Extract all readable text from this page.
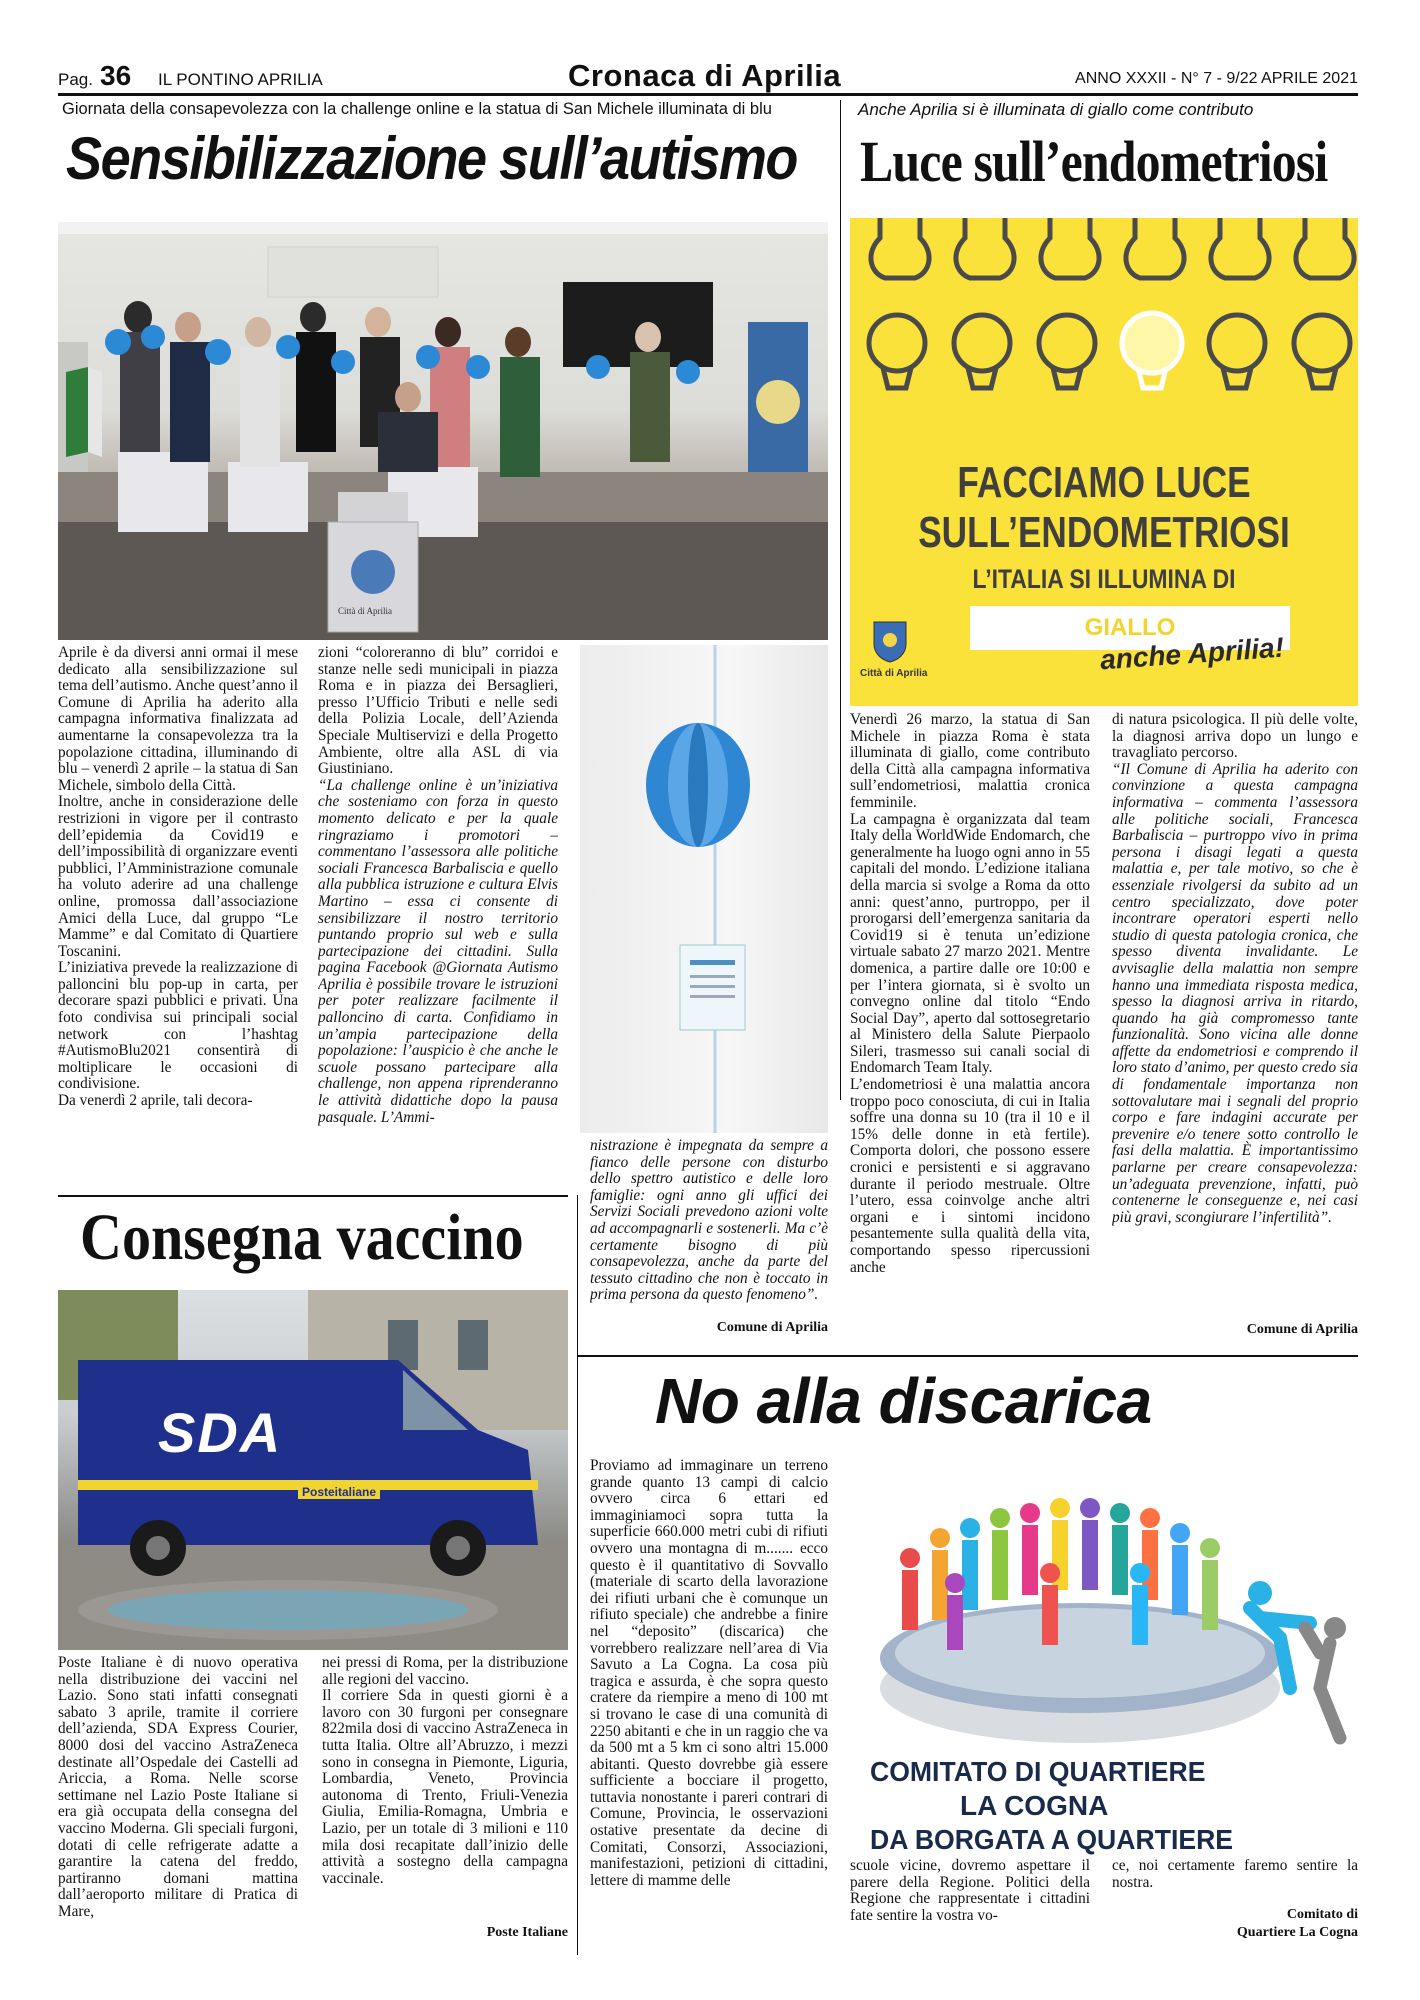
Pag. 36 IL PONTINO APRILIA	Cronaca di Aprilia	ANNO XXXII - N° 7 - 9/22 APRILE 2021
Giornata della consapevolezza con la challenge online e la statua di San Michele illuminata di blu
Sensibilizzazione sull’autismo
Città di Aprilia

Aprile è da diversi anni ormai il mese dedicato alla sensibilizzazione sul tema dell’autismo. Anche quest’anno il Comune di Aprilia ha aderito alla campagna informativa finalizzata ad aumentarne la consapevolezza tra la popolazione cittadina, illuminando di blu – venerdì 2 aprile – la statua di San Michele, simbolo della Città.

Inoltre, anche in considerazione delle restrizioni in vigore per il contrasto dell’epidemia da Covid19 e dell’impossibilità di organizzare eventi pubblici, l’Amministrazione comunale ha voluto aderire ad una challenge online, promossa dall’associazione Amici della Luce, dal gruppo “Le Mamme” e dal Comitato di Quartiere Toscanini.

L’iniziativa prevede la realizzazione di palloncini blu pop-up in carta, per decorare spazi pubblici e privati. Una foto condivisa sui principali social network con l’hashtag #AutismoBlu2021 consentirà di moltiplicare le occasioni di condivisione.

Da venerdì 2 aprile, tali decora-

zioni “coloreranno di blu” corridoi e stanze nelle sedi municipali in piazza Roma e in piazza dei Bersaglieri, presso l’Ufficio Tributi e nelle sedi della Polizia Locale, dell’Azienda Speciale Multiservizi e della Progetto Ambiente, oltre alla ASL di via Giustiniano.

“La challenge online è un’iniziativa che sosteniamo con forza in questo momento delicato e per la quale ringraziamo i promotori – commentano l’assessora alle politiche sociali Francesca Barbaliscia e quello alla pubblica istruzione e cultura Elvis Martino – essa ci consente di sensibilizzare il nostro territorio puntando proprio sul web e sulla partecipazione dei cittadini. Sulla pagina Facebook @Giornata Autismo Aprilia è possibile trovare le istruzioni per poter realizzare facilmente il palloncino di carta. Confidiamo in un’ampia partecipazione della popolazione: l’auspicio è che anche le scuole possano partecipare alla challenge, non appena riprenderanno le attività didattiche dopo la pausa pasquale. L’Ammi-

nistrazione è impegnata da sempre a fianco delle persone con disturbo dello spettro autistico e delle loro famiglie: ogni anno gli uffici dei Servizi Sociali prevedono azioni volte ad accompagnarli e sostenerli. Ma c’è certamente bisogno di più consapevolezza, anche da parte del tessuto cittadino che non è toccato in prima persona da questo fenomeno”.

Comune di Aprilia
Anche Aprilia si è illuminata di giallo come contributo
Luce sull’endometriosi
FACCIAMO LUCE
SULL’ENDOMETRIOSI
L’ITALIA SI ILLUMINA DI
GIALLO
anche Aprilia!
Città di Aprilia

Venerdì 26 marzo, la statua di San Michele in piazza Roma è stata illuminata di giallo, come contributo della Città alla campagna informativa sull’endometriosi, malattia cronica femminile.

La campagna è organizzata dal team Italy della WorldWide Endomarch, che generalmente ha luogo ogni anno in 55 capitali del mondo. L’edizione italiana della marcia si svolge a Roma da otto anni: quest’anno, purtroppo, per il prorogarsi dell’emergenza sanitaria da Covid19 si è tenuta un’edizione virtuale sabato 27 marzo 2021. Mentre domenica, a partire dalle ore 10:00 e per l’intera giornata, si è svolto un convegno online dal titolo “Endo Social Day”, aperto dal sottosegretario al Ministero della Salute Pierpaolo Sileri, trasmesso sui canali social di Endomarch Team Italy.

L’endometriosi è una malattia ancora troppo poco conosciuta, di cui in Italia soffre una donna su 10 (tra il 10 e il 15% delle donne in età fertile). Comporta dolori, che possono essere cronici e persistenti e si aggravano durante il periodo mestruale. Oltre l’utero, essa coinvolge anche altri organi e i sintomi incidono pesantemente sulla qualità della vita, comportando spesso ripercussioni anche

di natura psicologica. Il più delle volte, la diagnosi arriva dopo un lungo e travagliato percorso.

“Il Comune di Aprilia ha aderito con convinzione a questa campagna informativa – commenta l’assessora alle politiche sociali, Francesca Barbaliscia – purtroppo vivo in prima persona i disagi legati a questa malattia e, per tale motivo, so che è essenziale rivolgersi da subito ad un centro specializzato, dove poter incontrare operatori esperti nello studio di questa patologia cronica, che spesso diventa invalidante. Le avvisaglie della malattia non sempre hanno una immediata risposta medica, spesso la diagnosi arriva in ritardo, quando ha già compromesso tante funzionalità. Sono vicina alle donne affette da endometriosi e comprendo il loro stato d’animo, per questo credo sia di fondamentale importanza non sottovalutare mai i segnali del proprio corpo e fare indagini accurate per prevenire e/o tenere sotto controllo le fasi della malattia. È importantissimo parlarne per creare consapevolezza: un’adeguata prevenzione, infatti, può contenerne le conseguenze e, nei casi più gravi, scongiurare l’infertilità”.

Comune di Aprilia
Consegna vaccino
SDA
Posteitaliane

Poste Italiane è di nuovo operativa nella distribuzione dei vaccini nel Lazio. Sono stati infatti consegnati sabato 3 aprile, tramite il corriere dell’azienda, SDA Express Courier, 8000 dosi del vaccino AstraZeneca destinate all’Ospedale dei Castelli ad Ariccia, a Roma. Nelle scorse settimane nel Lazio Poste Italiane si era già occupata della consegna del vaccino Moderna. Gli speciali furgoni, dotati di celle refrigerate adatte a garantire la catena del freddo, partiranno domani mattina dall’aeroporto militare di Pratica di Mare,

nei pressi di Roma, per la distribuzione alle regioni del vaccino.

Il corriere Sda in questi giorni è a lavoro con 30 furgoni per consegnare 822mila dosi di vaccino AstraZeneca in tutta Italia. Oltre all’Abruzzo, i mezzi sono in consegna in Piemonte, Liguria, Lombardia, Veneto, Provincia autonoma di Trento, Friuli-Venezia Giulia, Emilia-Romagna, Umbria e Lazio, per un totale di 3 milioni e 110 mila dosi recapitate dall’inizio delle attività a sostegno della campagna vaccinale.

Poste Italiane
No alla discarica

Proviamo ad immaginare un terreno grande quanto 13 campi di calcio ovvero circa 6 ettari ed immaginiamoci sopra tutta la superficie 660.000 metri cubi di rifiuti ovvero una montagna di m....... ecco questo è il quantitativo di Sovvallo (materiale di scarto della lavorazione dei rifiuti urbani che è comunque un rifiuto speciale) che andrebbe a finire nel “deposito” (discarica) che vorrebbero realizzare nell’area di Via Savuto a La Cogna. La cosa più tragica e assurda, è che sopra questo cratere da riempire a meno di 100 mt si trovano le case di una comunità di 2250 abitanti e che in un raggio che va da 500 mt a 5 km ci sono altri 15.000 abitanti. Questo dovrebbe già essere sufficiente a bocciare il progetto, tuttavia nonostante i pareri contrari di Comune, Provincia, le osservazioni ostative presentate da decine di Comitati, Consorzi, Associazioni, manifestazioni, petizioni di cittadini, lettere di mamme delle

COMITATO DI QUARTIERE
LA COGNA
DA BORGATA A QUARTIERE

scuole vicine, dovremo aspettare il parere della Regione. Politici della Regione che rappresentate i cittadini fate sentire la vostra vo-

ce, noi certamente faremo sentire la nostra.

Comitato di
Quartiere La Cogna
